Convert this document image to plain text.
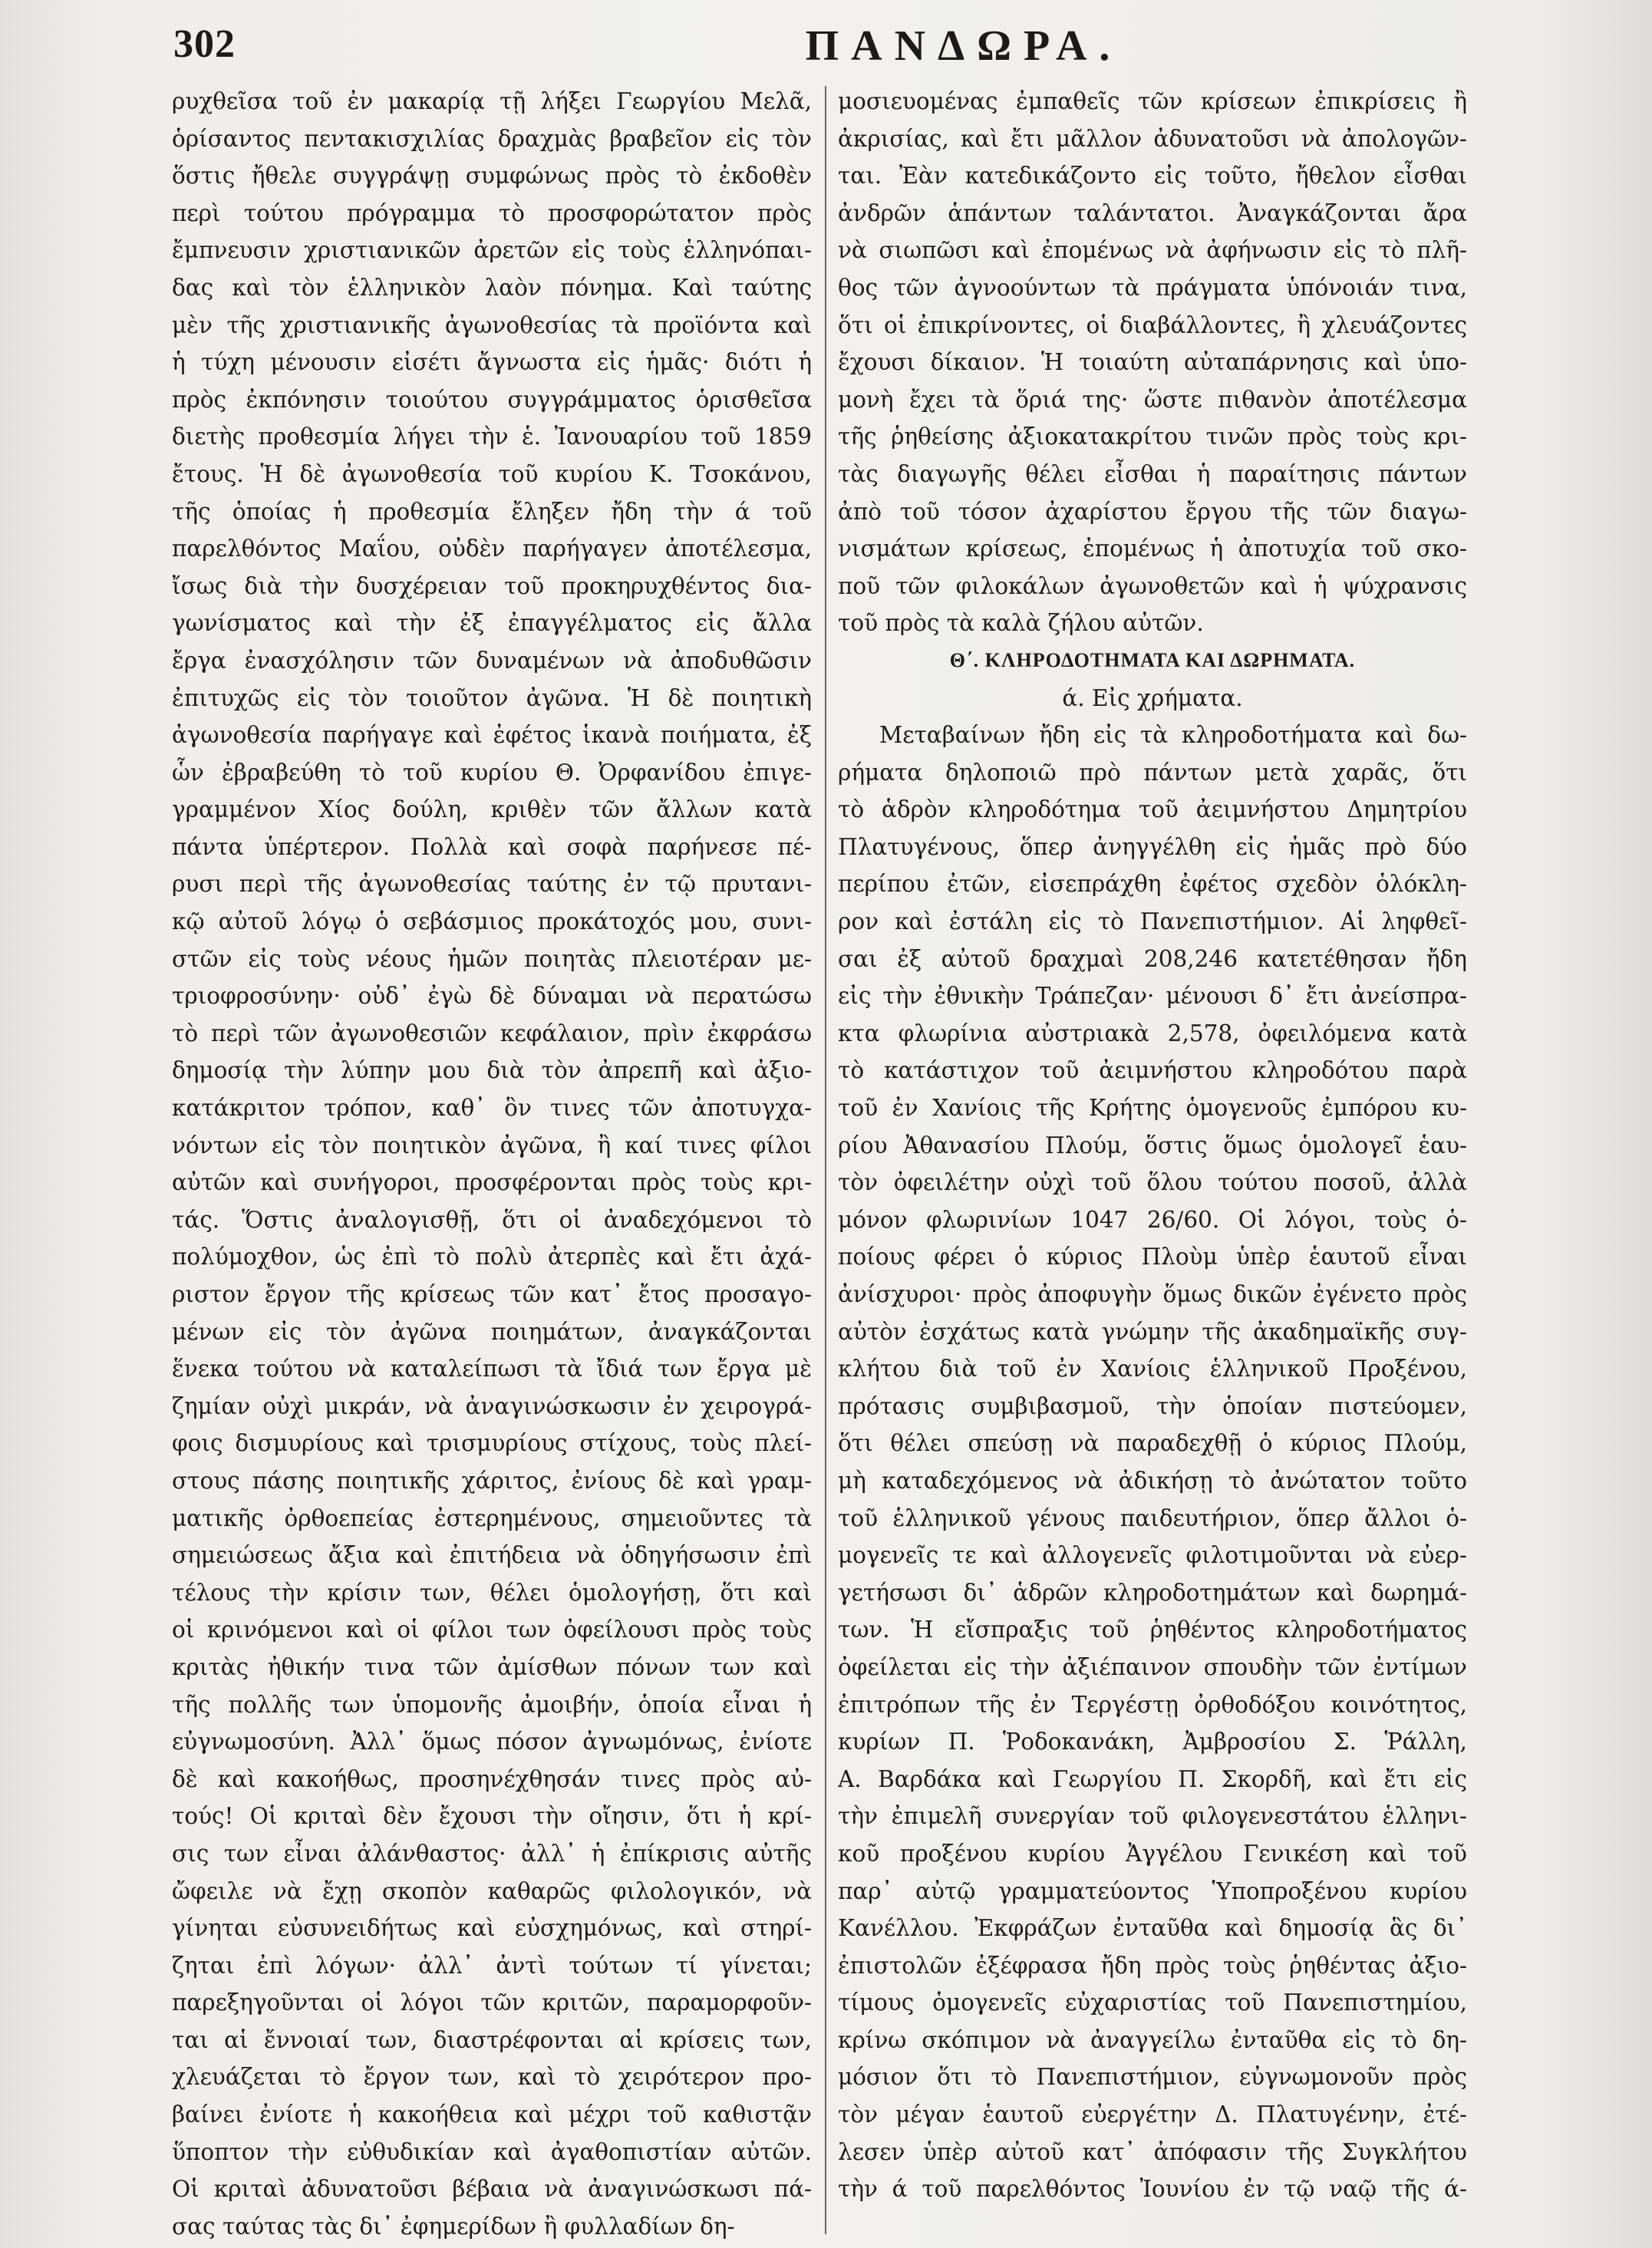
302	ΠΑΝΔΩΡΑ.
ρυχθεῖσα τοῦ ἐν μακαρίᾳ τῇ λήξει Γεωργίου Μελᾶ,
ὁρίσαντος πεντακισχιλίας δραχμὰς βραβεῖον εἰς τὸν
ὅστις ἤθελε συγγράψῃ συμφώνως πρὸς τὸ ἐκδοθὲν
περὶ τούτου πρόγραμμα τὸ προσφορώτατον πρὸς
ἔμπνευσιν χριστιανικῶν ἀρετῶν εἰς τοὺς ἑλληνόπαι-
δας καὶ τὸν ἑλληνικὸν λαὸν πόνημα. Καὶ ταύτης
μὲν τῆς χριστιανικῆς ἀγωνοθεσίας τὰ προϊόντα καὶ
ἡ τύχη μένουσιν εἰσέτι ἄγνωστα εἰς ἡμᾶς· διότι ἡ
πρὸς ἐκπόνησιν τοιούτου συγγράμματος ὁρισθεῖσα
διετὴς προθεσμία λήγει τὴν ἑ. Ἰανουαρίου τοῦ 1859
ἔτους. Ἡ δὲ ἀγωνοθεσία τοῦ κυρίου Κ. Τσοκάνου,
τῆς ὁποίας ἡ προθεσμία ἔληξεν ἤδη τὴν ά τοῦ
παρελθόντος Μαΐου, οὐδὲν παρήγαγεν ἀποτέλεσμα,
ἴσως διὰ τὴν δυσχέρειαν τοῦ προκηρυχθέντος δια-
γωνίσματος καὶ τὴν ἐξ ἐπαγγέλματος εἰς ἄλλα
ἔργα ἐνασχόλησιν τῶν δυναμένων νὰ ἀποδυθῶσιν
ἐπιτυχῶς εἰς τὸν τοιοῦτον ἀγῶνα. Ἡ δὲ ποιητικὴ
ἀγωνοθεσία παρήγαγε καὶ ἐφέτος ἱκανὰ ποιήματα, ἐξ
ὧν ἐβραβεύθη τὸ τοῦ κυρίου Θ. Ὀρφανίδου ἐπιγε-
γραμμένον Χίος δούλη, κριθὲν τῶν ἄλλων κατὰ
πάντα ὑπέρτερον. Πολλὰ καὶ σοφὰ παρήνεσε πέ-
ρυσι περὶ τῆς ἀγωνοθεσίας ταύτης ἐν τῷ πρυτανι-
κῷ αὐτοῦ λόγῳ ὁ σεβάσμιος προκάτοχός μου, συνι-
στῶν εἰς τοὺς νέους ἡμῶν ποιητὰς πλειοτέραν με-
τριοφροσύνην· οὐδ᾽ ἐγὼ δὲ δύναμαι νὰ περατώσω
τὸ περὶ τῶν ἀγωνοθεσιῶν κεφάλαιον, πρὶν ἐκφράσω
δημοσίᾳ τὴν λύπην μου διὰ τὸν ἀπρεπῆ καὶ ἀξιο-
κατάκριτον τρόπον, καθ᾽ ὃν τινες τῶν ἀποτυγχα-
νόντων εἰς τὸν ποιητικὸν ἀγῶνα, ἢ καί τινες φίλοι
αὐτῶν καὶ συνήγοροι, προσφέρονται πρὸς τοὺς κρι-
τάς. Ὅστις ἀναλογισθῇ, ὅτι οἱ ἀναδεχόμενοι τὸ
πολύμοχθον, ὡς ἐπὶ τὸ πολὺ ἀτερπὲς καὶ ἔτι ἀχά-
ριστον ἔργον τῆς κρίσεως τῶν κατ᾽ ἔτος προσαγο-
μένων εἰς τὸν ἀγῶνα ποιημάτων, ἀναγκάζονται
ἕνεκα τούτου νὰ καταλείπωσι τὰ ἴδιά των ἔργα μὲ
ζημίαν οὐχὶ μικράν, νὰ ἀναγινώσκωσιν ἐν χειρογρά-
φοις δισμυρίους καὶ τρισμυρίους στίχους, τοὺς πλεί-
στους πάσης ποιητικῆς χάριτος, ἐνίους δὲ καὶ γραμ-
ματικῆς ὀρθοεπείας ἐστερημένους, σημειοῦντες τὰ
σημειώσεως ἄξια καὶ ἐπιτήδεια νὰ ὁδηγήσωσιν ἐπὶ
τέλους τὴν κρίσιν των, θέλει ὁμολογήσῃ, ὅτι καὶ
οἱ κρινόμενοι καὶ οἱ φίλοι των ὀφείλουσι πρὸς τοὺς
κριτὰς ἠθικήν τινα τῶν ἀμίσθων πόνων των καὶ
τῆς πολλῆς των ὑπομονῆς ἀμοιβήν, ὁποία εἶναι ἡ
εὐγνωμοσύνη. Ἀλλ᾽ ὅμως πόσον ἀγνωμόνως, ἐνίοτε
δὲ καὶ κακοήθως, προσηνέχθησάν τινες πρὸς αὐ-
τούς! Οἱ κριταὶ δὲν ἔχουσι τὴν οἴησιν, ὅτι ἡ κρί-
σις των εἶναι ἀλάνθαστος· ἀλλ᾽ ἡ ἐπίκρισις αὐτῆς
ὤφειλε νὰ ἔχῃ σκοπὸν καθαρῶς φιλολογικόν, νὰ
γίνηται εὐσυνειδήτως καὶ εὐσχημόνως, καὶ στηρί-
ζηται ἐπὶ λόγων· ἀλλ᾽ ἀντὶ τούτων τί γίνεται;
παρεξηγοῦνται οἱ λόγοι τῶν κριτῶν, παραμορφοῦν-
ται αἱ ἔννοιαί των, διαστρέφονται αἱ κρίσεις των,
χλευάζεται τὸ ἔργον των, καὶ τὸ χειρότερον προ-
βαίνει ἐνίοτε ἡ κακοήθεια καὶ μέχρι τοῦ καθιστᾷν
ὕποπτον τὴν εὐθυδικίαν καὶ ἀγαθοπιστίαν αὐτῶν.
Οἱ κριταὶ ἀδυνατοῦσι βέβαια νὰ ἀναγινώσκωσι πά-
σας ταύτας τὰς δι᾽ ἐφημερίδων ἢ φυλλαδίων δη-
μοσιευομένας ἐμπαθεῖς τῶν κρίσεων ἐπικρίσεις ἢ
ἀκρισίας, καὶ ἔτι μᾶλλον ἀδυνατοῦσι νὰ ἀπολογῶν-
ται. Ἐὰν κατεδικάζοντο εἰς τοῦτο, ἤθελον εἶσθαι
ἀνδρῶν ἁπάντων ταλάντατοι. Ἀναγκάζονται ἄρα
νὰ σιωπῶσι καὶ ἐπομένως νὰ ἀφήνωσιν εἰς τὸ πλῆ-
θος τῶν ἀγνοούντων τὰ πράγματα ὑπόνοιάν τινα,
ὅτι οἱ ἐπικρίνοντες, οἱ διαβάλλοντες, ἢ χλευάζοντες
ἔχουσι δίκαιον. Ἡ τοιαύτη αὐταπάρνησις καὶ ὑπο-
μονὴ ἔχει τὰ ὅριά της· ὥστε πιθανὸν ἀποτέλεσμα
τῆς ῥηθείσης ἀξιοκατακρίτου τινῶν πρὸς τοὺς κρι-
τὰς διαγωγῆς θέλει εἶσθαι ἡ παραίτησις πάντων
ἀπὸ τοῦ τόσον ἀχαρίστου ἔργου τῆς τῶν διαγω-
νισμάτων κρίσεως, ἐπομένως ἡ ἀποτυχία τοῦ σκο-
ποῦ τῶν φιλοκάλων ἀγωνοθετῶν καὶ ἡ ψύχρανσις
τοῦ πρὸς τὰ καλὰ ζήλου αὐτῶν.
Θ΄. ΚΛΗΡΟΔΟΤΗΜΑΤΑ ΚΑΙ ΔΩΡΗΜΑΤΑ.
ά. Εἰς χρήματα.
Μεταβαίνων ἤδη εἰς τὰ κληροδοτήματα καὶ δω-
ρήματα δηλοποιῶ πρὸ πάντων μετὰ χαρᾶς, ὅτι
τὸ ἁδρὸν κληροδότημα τοῦ ἀειμνήστου Δημητρίου
Πλατυγένους, ὅπερ ἀνηγγέλθη εἰς ἡμᾶς πρὸ δύο
περίπου ἐτῶν, εἰσεπράχθη ἐφέτος σχεδὸν ὁλόκλη-
ρον καὶ ἐστάλη εἰς τὸ Πανεπιστήμιον. Αἱ ληφθεῖ-
σαι ἐξ αὐτοῦ δραχμαὶ 208,246 κατετέθησαν ἤδη
εἰς τὴν ἐθνικὴν Τράπεζαν· μένουσι δ᾽ ἔτι ἀνείσπρα-
κτα φλωρίνια αὐστριακὰ 2,578, ὀφειλόμενα κατὰ
τὸ κατάστιχον τοῦ ἀειμνήστου κληροδότου παρὰ
τοῦ ἐν Χανίοις τῆς Κρήτης ὁμογενοῦς ἐμπόρου κυ-
ρίου Ἀθανασίου Πλούμ, ὅστις ὅμως ὁμολογεῖ ἑαυ-
τὸν ὀφειλέτην οὐχὶ τοῦ ὅλου τούτου ποσοῦ, ἀλλὰ
μόνον φλωρινίων 1047 26/60. Οἱ λόγοι, τοὺς ὁ-
ποίους φέρει ὁ κύριος Πλοὺμ ὑπὲρ ἑαυτοῦ εἶναι
ἀνίσχυροι· πρὸς ἀποφυγὴν ὅμως δικῶν ἐγένετο πρὸς
αὐτὸν ἐσχάτως κατὰ γνώμην τῆς ἀκαδημαϊκῆς συγ-
κλήτου διὰ τοῦ ἐν Χανίοις ἑλληνικοῦ Προξένου,
πρότασις συμβιβασμοῦ, τὴν ὁποίαν πιστεύομεν,
ὅτι θέλει σπεύσῃ νὰ παραδεχθῇ ὁ κύριος Πλούμ,
μὴ καταδεχόμενος νὰ ἀδικήσῃ τὸ ἀνώτατον τοῦτο
τοῦ ἑλληνικοῦ γένους παιδευτήριον, ὅπερ ἄλλοι ὁ-
μογενεῖς τε καὶ ἀλλογενεῖς φιλοτιμοῦνται νὰ εὐερ-
γετήσωσι δι᾽ ἁδρῶν κληροδοτημάτων καὶ δωρημά-
των. Ἡ εἴσπραξις τοῦ ῥηθέντος κληροδοτήματος
ὀφείλεται εἰς τὴν ἀξιέπαινον σπουδὴν τῶν ἐντίμων
ἐπιτρόπων τῆς ἐν Τεργέστῃ ὀρθοδόξου κοινότητος,
κυρίων Π. Ῥοδοκανάκη, Ἀμβροσίου Σ. Ῥάλλη,
Α. Βαρδάκα καὶ Γεωργίου Π. Σκορδῆ, καὶ ἔτι εἰς
τὴν ἐπιμελῆ συνεργίαν τοῦ φιλογενεστάτου ἑλληνι-
κοῦ προξένου κυρίου Ἀγγέλου Γενικέση καὶ τοῦ
παρ᾽ αὐτῷ γραμματεύοντος Ὑποπροξένου κυρίου
Κανέλλου. Ἐκφράζων ἐνταῦθα καὶ δημοσίᾳ ἃς δι᾽
ἐπιστολῶν ἐξέφρασα ἤδη πρὸς τοὺς ῥηθέντας ἀξιο-
τίμους ὁμογενεῖς εὐχαριστίας τοῦ Πανεπιστημίου,
κρίνω σκόπιμον νὰ ἀναγγείλω ἐνταῦθα εἰς τὸ δη-
μόσιον ὅτι τὸ Πανεπιστήμιον, εὐγνωμονοῦν πρὸς
τὸν μέγαν ἑαυτοῦ εὐεργέτην Δ. Πλατυγένην, ἐτέ-
λεσεν ὑπὲρ αὐτοῦ κατ᾽ ἀπόφασιν τῆς Συγκλήτου
τὴν ά τοῦ παρελθόντος Ἰουνίου ἐν τῷ ναῷ τῆς ά-
